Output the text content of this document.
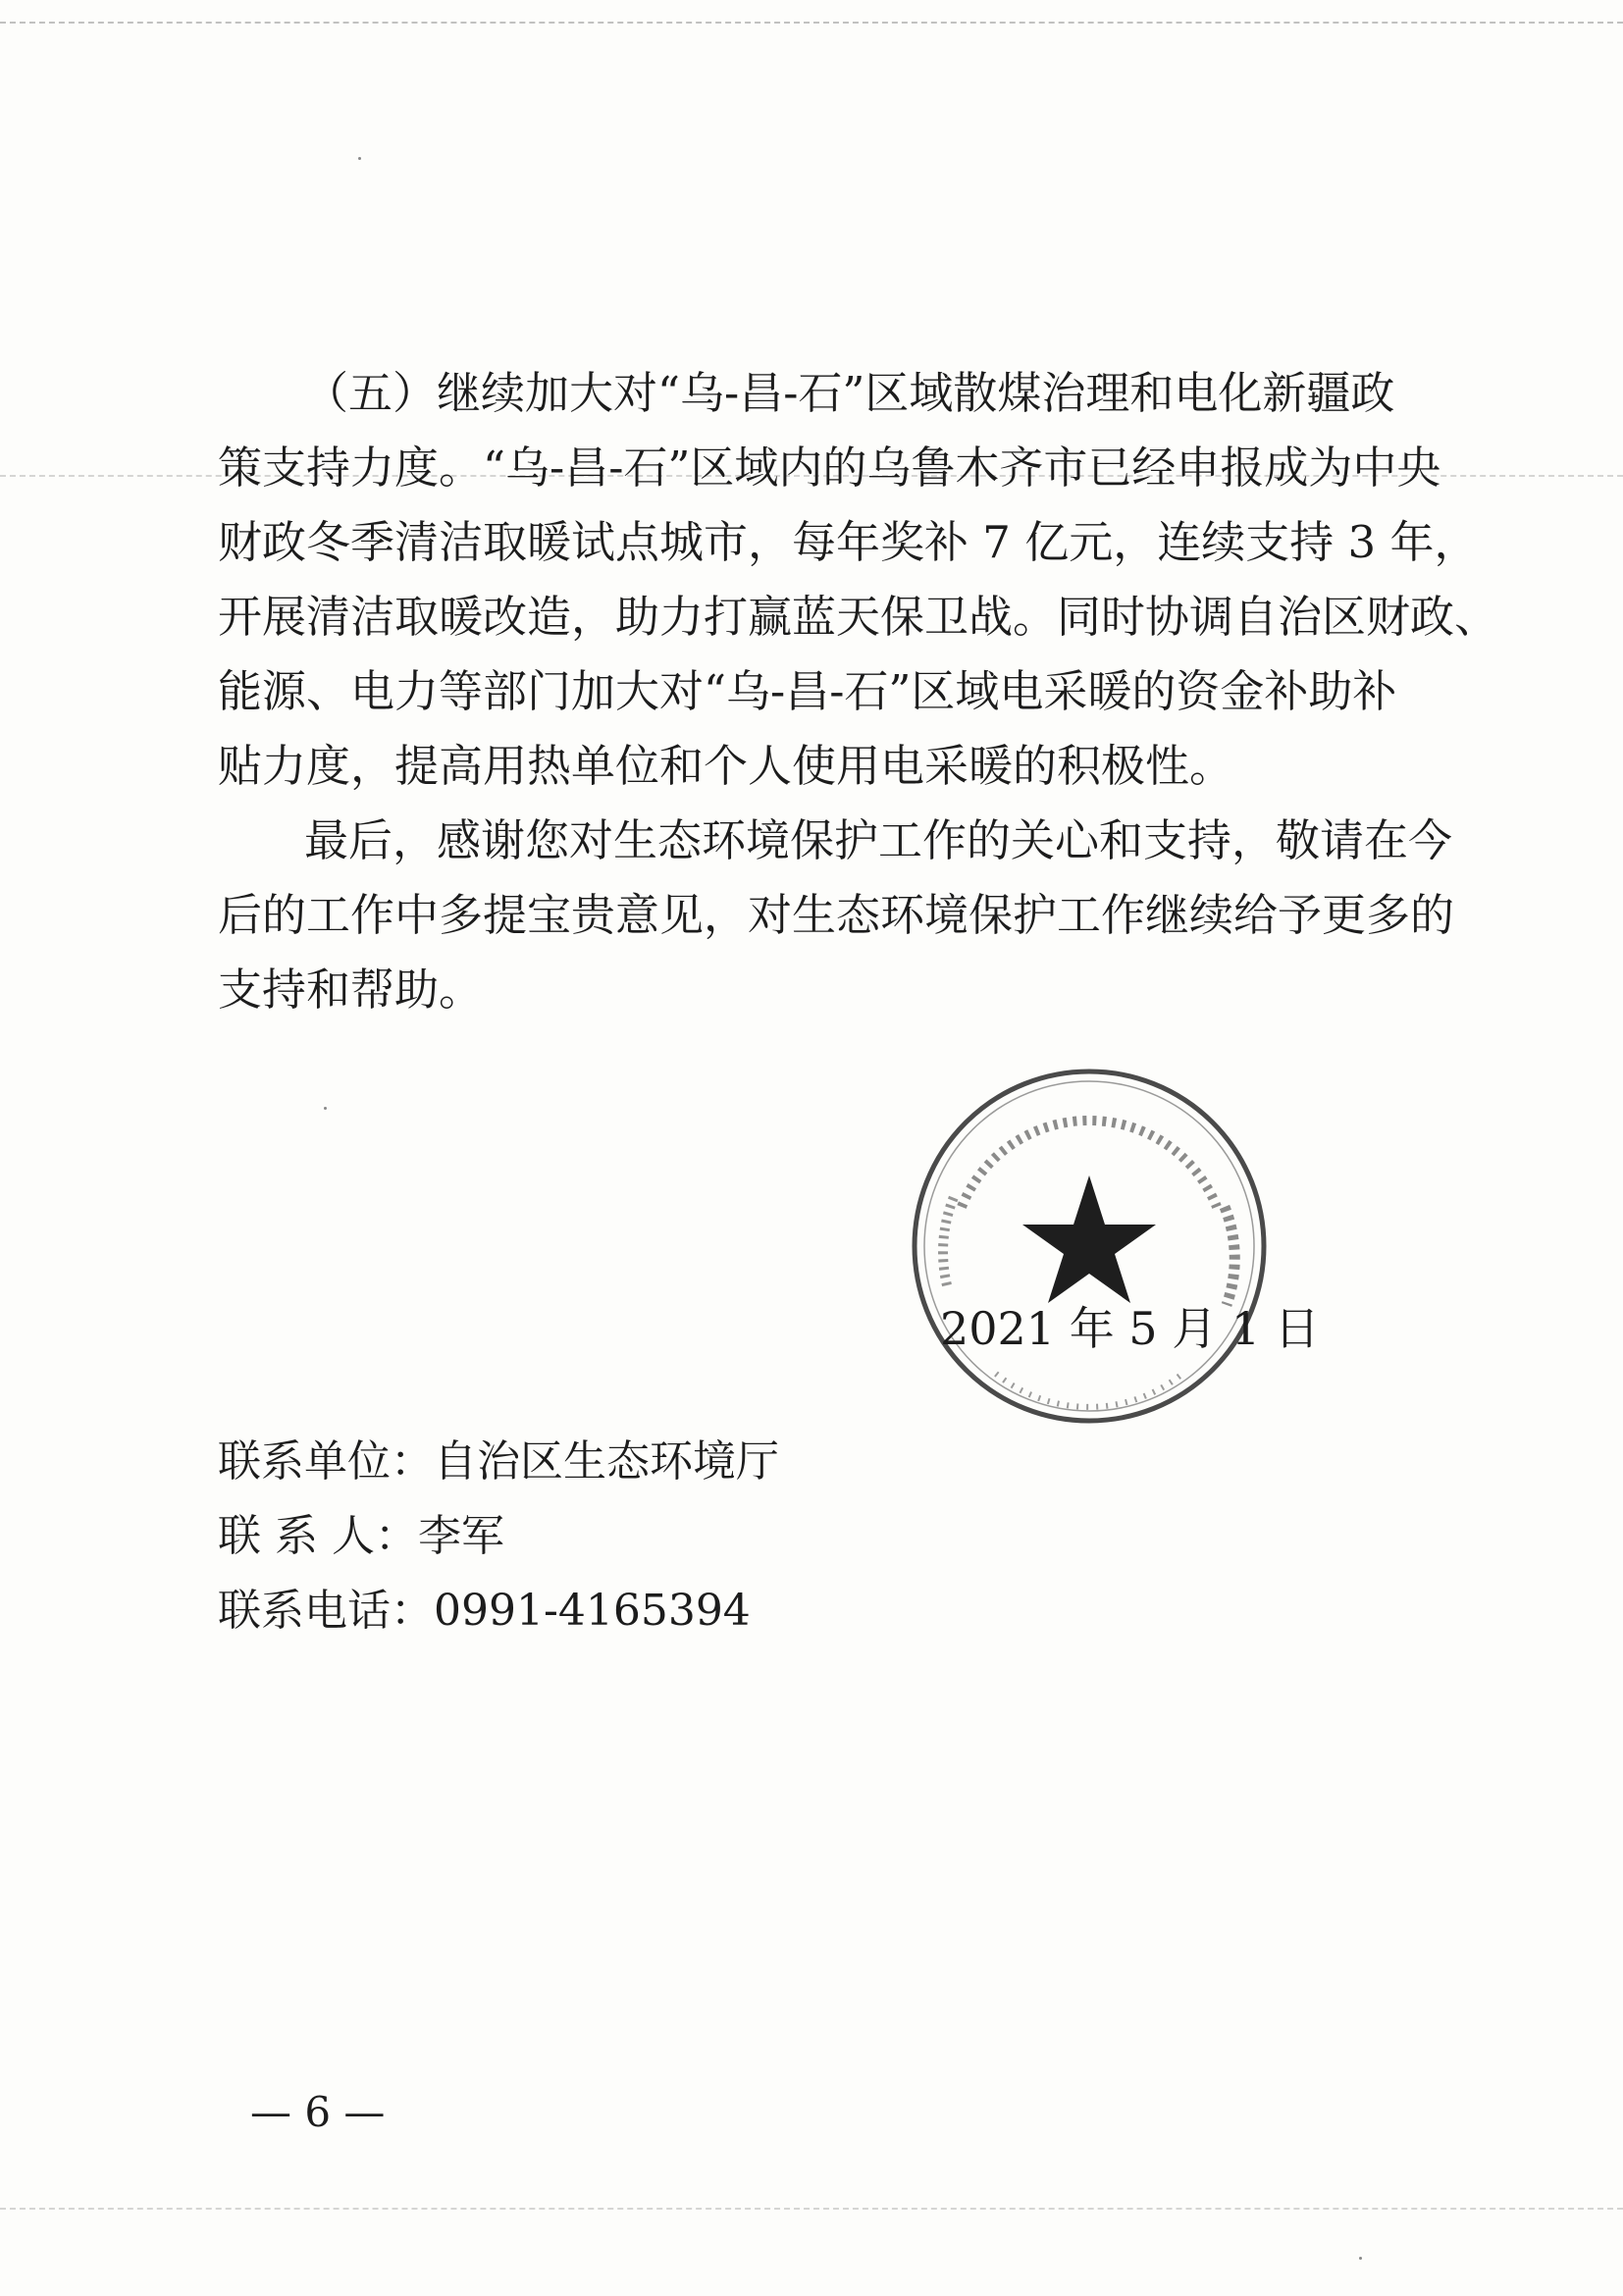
（五）继续加大对“乌-昌-石”区域散煤治理和电化新疆政
策支持力度。“乌-昌-石”区域内的乌鲁木齐市已经申报成为中央
财政冬季清洁取暖试点城市，每年奖补 7 亿元，连续支持 3 年，
开展清洁取暖改造，助力打赢蓝天保卫战。同时协调自治区财政、
能源、电力等部门加大对“乌-昌-石”区域电采暖的资金补助补
贴力度，提高用热单位和个人使用电采暖的积极性。
最后，感谢您对生态环境保护工作的关心和支持，敬请在今
后的工作中多提宝贵意见，对生态环境保护工作继续给予更多的
支持和帮助。
2021 年 5 月 1 日
联系单位：自治区生态环境厅
联 系 人：李军
联系电话：0991-4165394
— 6 —
